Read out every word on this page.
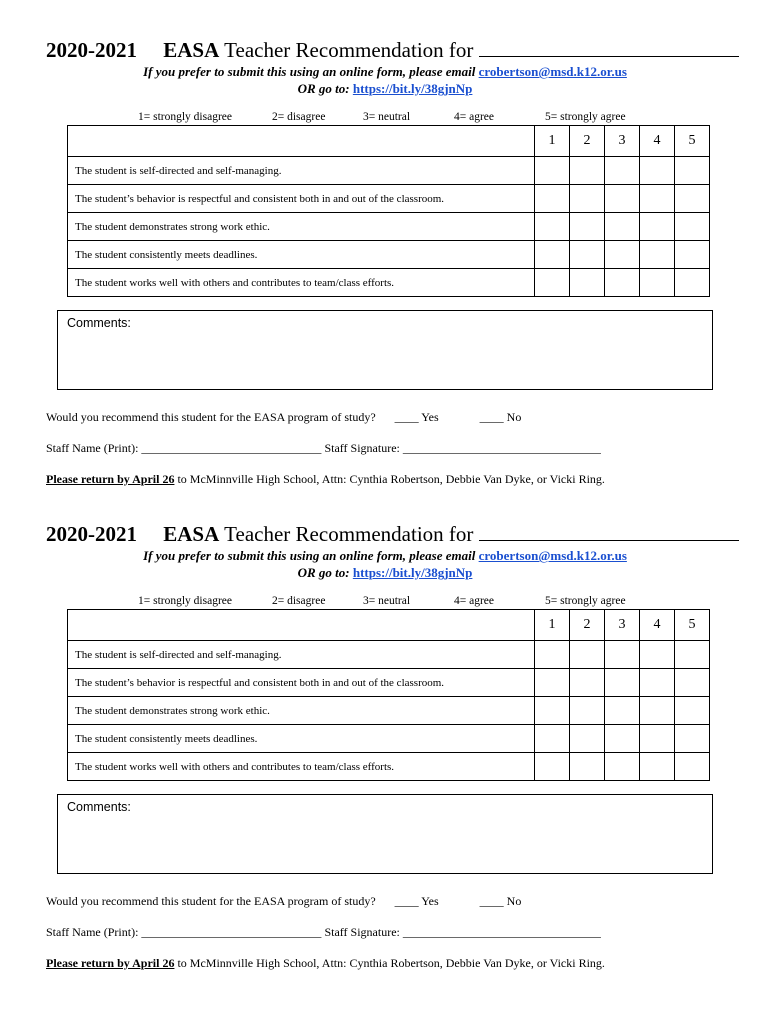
2020-2021 EASA Teacher Recommendation for
If you prefer to submit this using an online form, please email crobertson@msd.k12.or.us
OR go to: https://bit.ly/38gjnNp
1= strongly disagree	2= disagree	3= neutral	4= agree	5= strongly agree
	1	2	3	4	5
The student is self-directed and self-managing.					
The student’s behavior is respectful and consistent both in and out of the classroom.					
The student demonstrates strong work ethic.					
The student consistently meets deadlines.					
The student works well with others and contributes to team/class efforts.					
Comments:
Would you recommend this student for the EASA program of study? ____ Yes	____ No
Staff Name (Print): ______________________________ Staff Signature: _________________________________
Please return by April 26 to McMinnville High School, Attn: Cynthia Robertson, Debbie Van Dyke, or Vicki Ring.
2020-2021 EASA Teacher Recommendation for
If you prefer to submit this using an online form, please email crobertson@msd.k12.or.us
OR go to: https://bit.ly/38gjnNp
1= strongly disagree	2= disagree	3= neutral	4= agree	5= strongly agree
	1	2	3	4	5
The student is self-directed and self-managing.					
The student’s behavior is respectful and consistent both in and out of the classroom.					
The student demonstrates strong work ethic.					
The student consistently meets deadlines.					
The student works well with others and contributes to team/class efforts.					
Comments:
Would you recommend this student for the EASA program of study? ____ Yes	____ No
Staff Name (Print): ______________________________ Staff Signature: _________________________________
Please return by April 26 to McMinnville High School, Attn: Cynthia Robertson, Debbie Van Dyke, or Vicki Ring.
